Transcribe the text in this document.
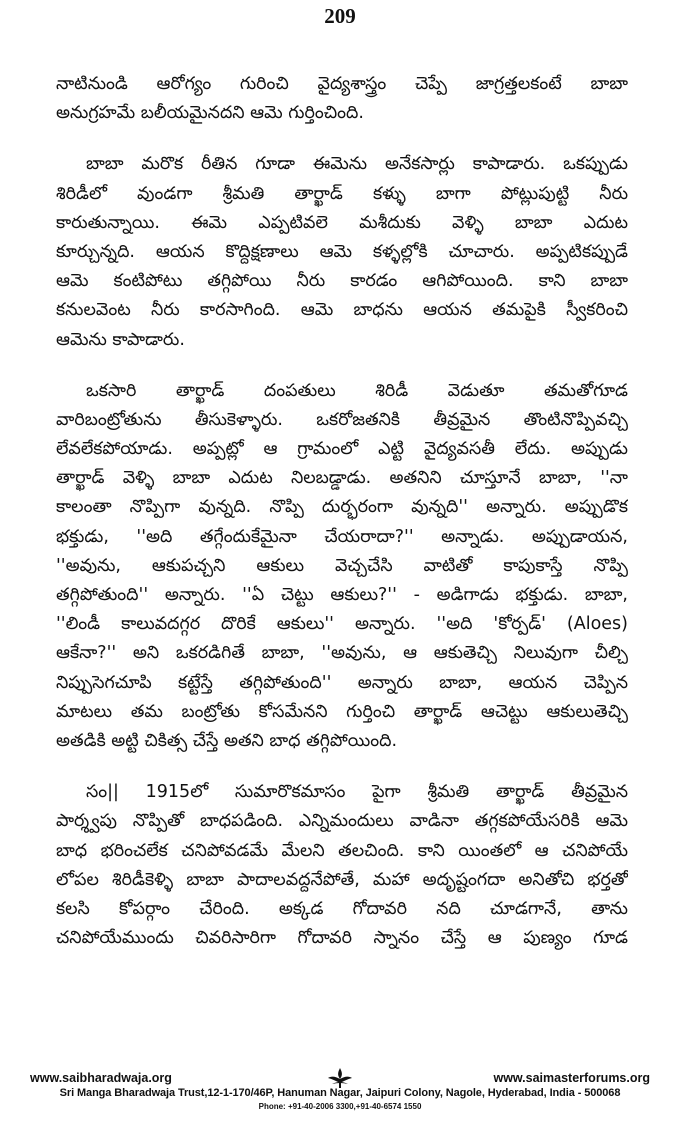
209
నాటినుండి ఆరోగ్యం గురించి వైద్యశాస్త్రం చెప్పే జాగ్రత్తలకంటే బాబా
అనుగ్రహమే బలీయమైనదని ఆమె గుర్తించింది.
బాబా మరొక రీతిన గూడా ఈమెను అనేకసార్లు కాపాడారు. ఒకప్పుడు
శిరిడీలో వుండగా శ్రీమతి తార్ఖాడ్ కళ్ళు బాగా పోట్లుపుట్టి నీరు
కారుతున్నాయి. ఈమె ఎప్పటివలె మశీదుకు వెళ్ళి బాబా ఎదుట
కూర్చున్నది. ఆయన కొద్దిక్షణాలు ఆమె కళ్ళల్లోకి చూచారు. అప్పటికప్పుడే
ఆమె కంటిపోటు తగ్గిపోయి నీరు కారడం ఆగిపోయింది. కాని బాబా
కనులవెంట నీరు కారసాగింది. ఆమె బాధను ఆయన తమపైకి స్వీకరించి
ఆమెను కాపాడారు.
ఒకసారి తార్ఖాడ్ దంపతులు శిరిడీ వెడుతూ తమతోగూడ
వారిబంట్రోతును తీసుకెళ్ళారు. ఒకరోజతనికి తీవ్రమైన తొంటినొప్పివచ్చి
లేవలేకపోయాడు. అప్పట్లో ఆ గ్రామంలో ఎట్టి వైద్యవసతీ లేదు. అప్పుడు
తార్ఖాడ్ వెళ్ళి బాబా ఎదుట నిలబడ్డాడు. అతనిని చూస్తూనే బాబా, ''నా
కాలంతా నొప్పిగా వున్నది. నొప్పి దుర్భరంగా వున్నది'' అన్నారు. అప్పుడొక
భక్తుడు, ''అది తగ్గేందుకేమైనా చేయరాదా?'' అన్నాడు. అప్పుడాయన,
''అవును, ఆకుపచ్చని ఆకులు వెచ్చచేసి వాటితో కాపుకాస్తే నొప్పి
తగ్గిపోతుంది'' అన్నారు. ''ఏ చెట్టు ఆకులు?'' - అడిగాడు భక్తుడు. బాబా,
''లిండీ కాలువదగ్గర దొరికే ఆకులు'' అన్నారు. ''అది 'కోర్పడ్' (Aloes)
ఆకేనా?'' అని ఒకరడిగితే బాబా, ''అవును, ఆ ఆకుతెచ్చి నిలువుగా చీల్చి
నిప్పుసెగచూపి కట్టేస్తే తగ్గిపోతుంది'' అన్నారు బాబా, ఆయన చెప్పిన
మాటలు తమ బంట్రోతు కోసమేనని గుర్తించి తార్ఖాడ్ ఆచెట్టు ఆకులుతెచ్చి
అతడికి అట్టి చికిత్స చేస్తే అతని బాధ తగ్గిపోయింది.
సం|| 1915లో సుమారొకమాసం పైగా శ్రీమతి తార్ఖాడ్ తీవ్రమైన
పార్శ్వపు నొప్పితో బాధపడింది. ఎన్నిమందులు వాడినా తగ్గకపోయేసరికి ఆమె
బాధ భరించలేక చనిపోవడమే మేలని తలచింది. కాని యింతలో ఆ చనిపోయే
లోపల శిరిడీకెళ్ళి బాబా పాదాలవద్దనేపోతే, మహా అదృష్టంగదా అనితోచి భర్తతో
కలసి కోపర్గాం చేరింది. అక్కడ గోదావరి నది చూడగానే, తాను
చనిపోయేముందు చివరిసారిగా గోదావరి స్నానం చేస్తే ఆ పుణ్యం గూడ
www.saibharadwaja.org	www.saimasterforums.org
Sri Manga Bharadwaja Trust,12-1-170/46P, Hanuman Nagar, Jaipuri Colony, Nagole, Hyderabad, India - 500068
Phone: +91-40-2006 3300,+91-40-6574 1550
